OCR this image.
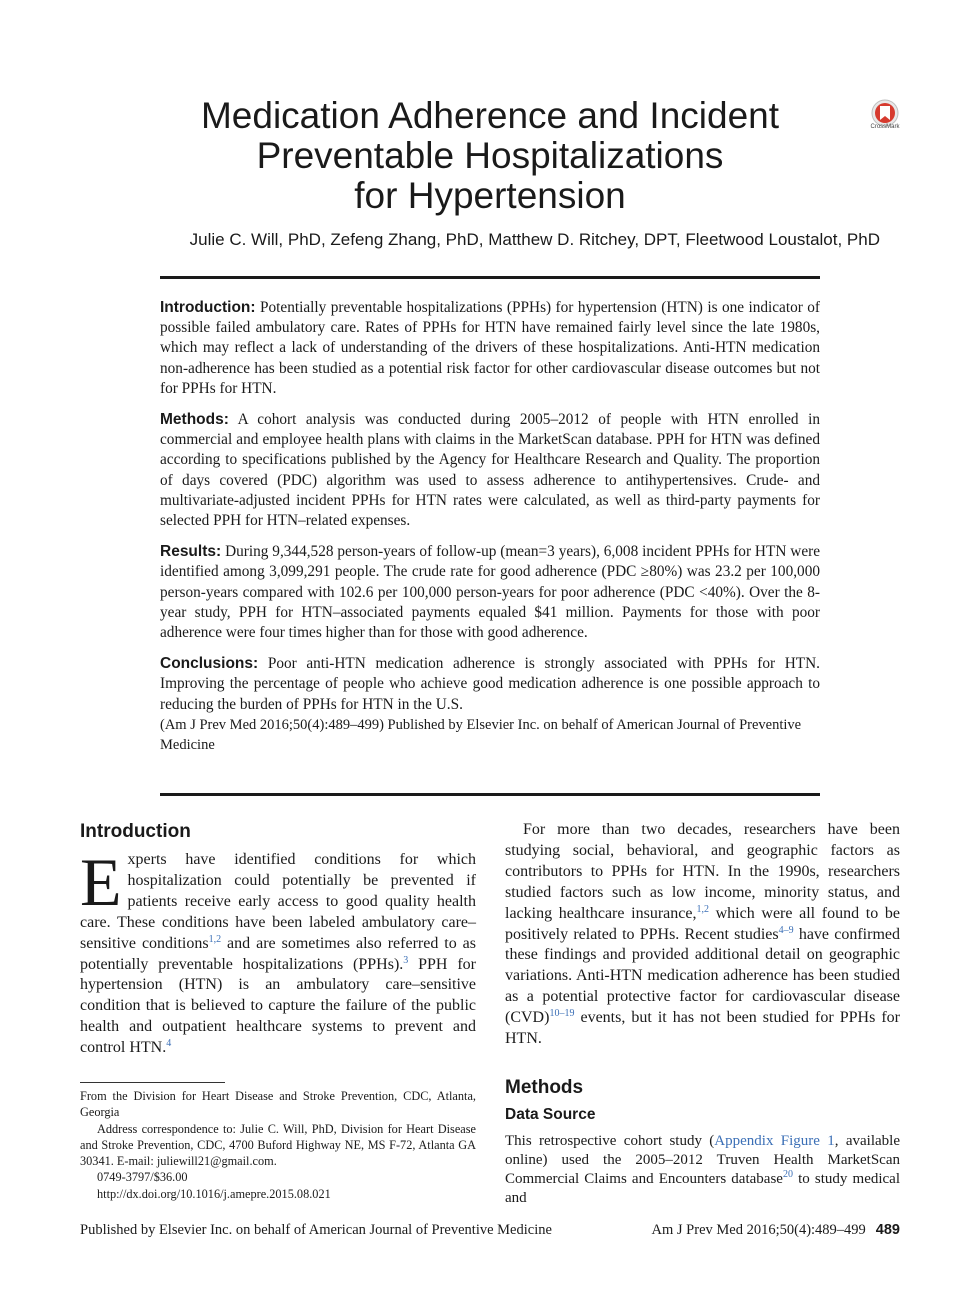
Medication Adherence and Incident
Preventable Hospitalizations
for Hypertension
CrossMark
Julie C. Will, PhD, Zefeng Zhang, PhD, Matthew D. Ritchey, DPT, Fleetwood Loustalot, PhD

Introduction: Potentially preventable hospitalizations (PPHs) for hypertension (HTN) is one indicator of possible failed ambulatory care. Rates of PPHs for HTN have remained fairly level since the late 1980s, which may reflect a lack of understanding of the drivers of these hospitalizations. Anti-HTN medication non-adherence has been studied as a potential risk factor for other cardiovascular disease outcomes but not for PPHs for HTN.

Methods: A cohort analysis was conducted during 2005–2012 of people with HTN enrolled in commercial and employee health plans with claims in the MarketScan database. PPH for HTN was defined according to specifications published by the Agency for Healthcare Research and Quality. The proportion of days covered (PDC) algorithm was used to assess adherence to antihypertensives. Crude- and multivariate-adjusted incident PPHs for HTN rates were calculated, as well as third-party payments for selected PPH for HTN–related expenses.

Results: During 9,344,528 person-years of follow-up (mean=3 years), 6,008 incident PPHs for HTN were identified among 3,099,291 people. The crude rate for good adherence (PDC ≥80%) was 23.2 per 100,000 person-years compared with 102.6 per 100,000 person-years for poor adherence (PDC <40%). Over the 8-year study, PPH for HTN–associated payments equaled $41 million. Payments for those with poor adherence were four times higher than for those with good adherence.

Conclusions: Poor anti-HTN medication adherence is strongly associated with PPHs for HTN. Improving the percentage of people who achieve good medication adherence is one possible approach to reducing the burden of PPHs for HTN in the U.S.

(Am J Prev Med 2016;50(4):489–499) Published by Elsevier Inc. on behalf of American Journal of Preventive Medicine

Introduction

Experts have identified conditions for which hospitalization could potentially be prevented if patients receive early access to good quality health care. These conditions have been labeled ambulatory care–sensitive conditions$^{1,2}$ and are sometimes also referred to as potentially preventable hospitalizations (PPHs).$^3$ PPH for hypertension (HTN) is an ambulatory care–sensitive condition that is believed to capture the failure of the public health and outpatient healthcare systems to prevent and control HTN.$^4$

For more than two decades, researchers have been studying social, behavioral, and geographic factors as contributors to PPHs for HTN. In the 1990s, researchers studied factors such as low income, minority status, and lacking healthcare insurance,$^{1,2}$ which were all found to be positively related to PPHs. Recent studies$^{4-9}$ have confirmed these findings and provided additional detail on geographic variations. Anti-HTN medication adherence has been studied as a potential protective factor for cardiovascular disease (CVD)$^{10-19}$ events, but it has not been studied for PPHs for HTN.

Methods
Data Source

This retrospective cohort study (Appendix Figure 1, available online) used the 2005–2012 Truven Health MarketScan Commercial Claims and Encounters database$^{20}$ to study medical and

From the Division for Heart Disease and Stroke Prevention, CDC, Atlanta, Georgia

Address correspondence to: Julie C. Will, PhD, Division for Heart Disease and Stroke Prevention, CDC, 4700 Buford Highway NE, MS F-72, Atlanta GA 30341. E-mail: juliewill21@gmail.com.

0749-3797/$36.00

http://dx.doi.org/10.1016/j.amepre.2015.08.021

Published by Elsevier Inc. on behalf of American Journal of Preventive Medicine	Am J Prev Med 2016;50(4):489–499 489
